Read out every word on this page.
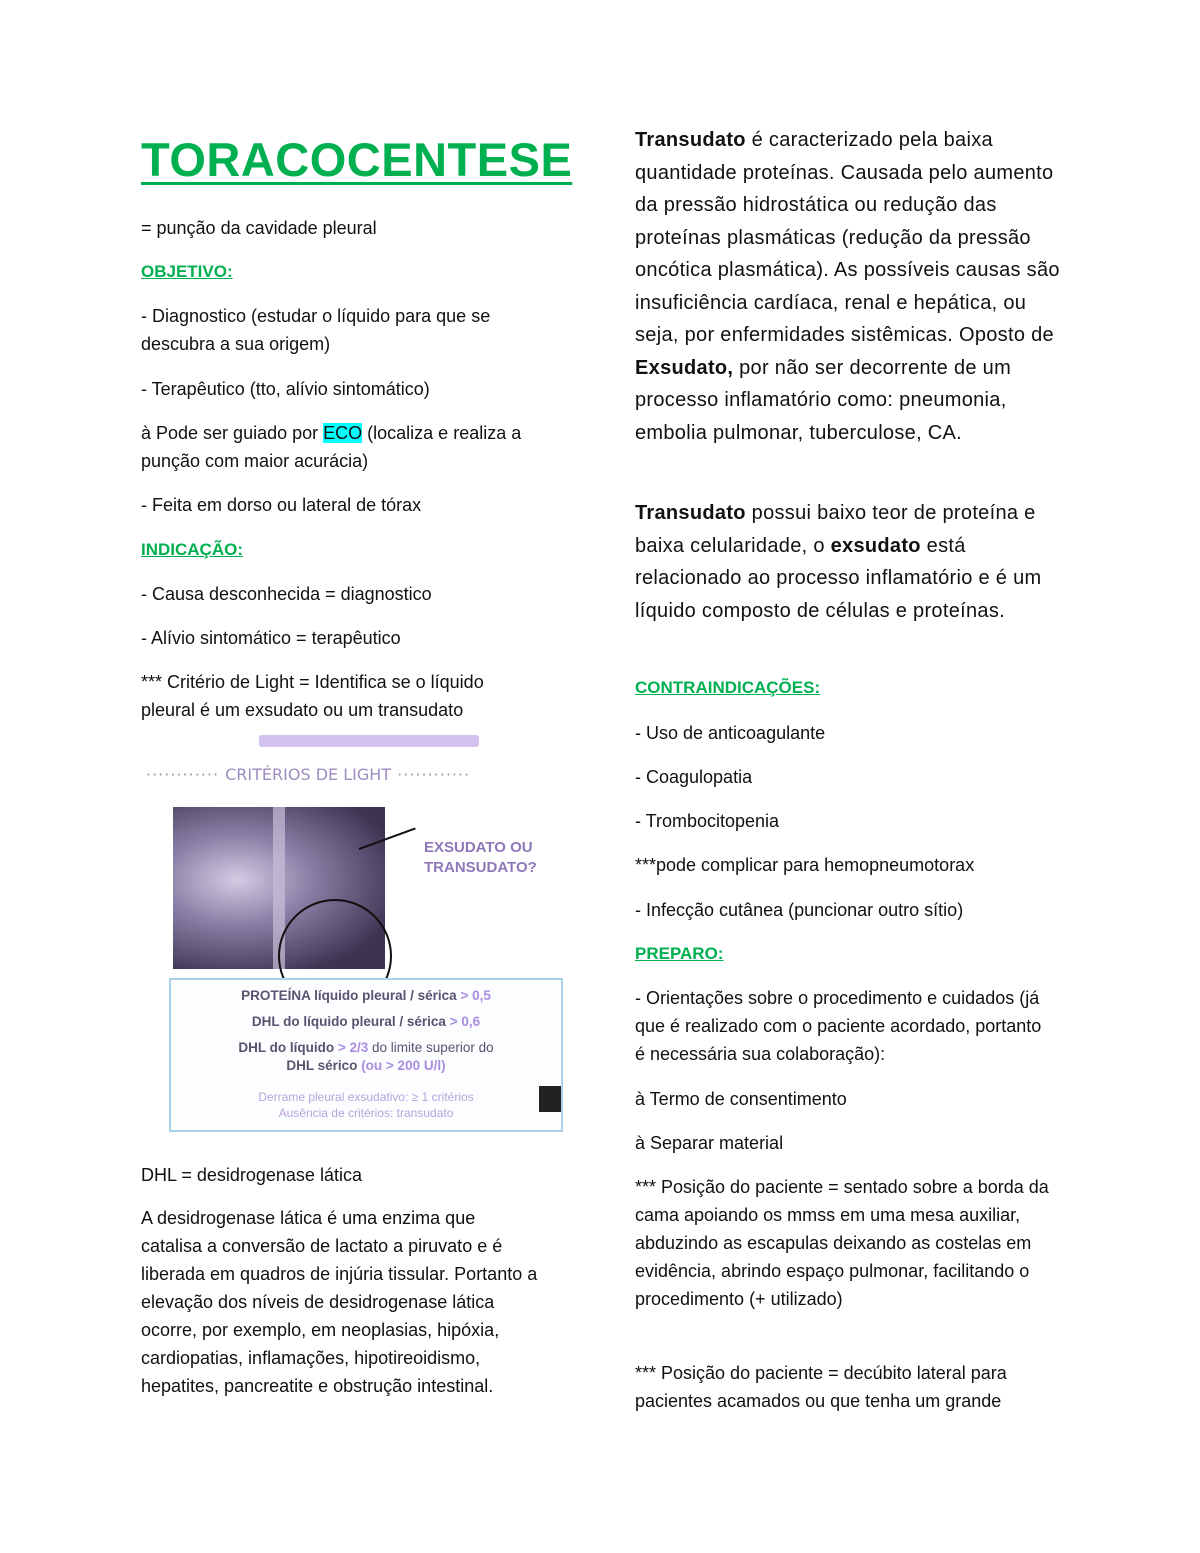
TORACOCENTESE

= punção da cavidade pleural

OBJETIVO:

- Diagnostico (estudar o líquido para que se descubra a sua origem)

- Terapêutico (tto, alívio sintomático)

à Pode ser guiado por ECO (localiza e realiza a punção com maior acurácia)

- Feita em dorso ou lateral de tórax

INDICAÇÃO:

- Causa desconhecida = diagnostico

- Alívio sintomático = terapêutico

*** Critério de Light = Identifica se o líquido pleural é um exsudato ou um transudato

············ CRITÉRIOS DE LIGHT ············
EXSUDATO OU
TRANSUDATO?
PROTEÍNA líquido pleural / sérica > 0,5
DHL do líquido pleural / sérica > 0,6
DHL do líquido > 2/3 do limite superior do
DHL sérico (ou > 200 U/l)
Derrame pleural exsudativo: ≥ 1 critérios
Ausência de critérios: transudato

DHL = desidrogenase lática

A desidrogenase lática é uma enzima que catalisa a conversão de lactato a piruvato e é liberada em quadros de injúria tissular. Portanto a elevação dos níveis de desidrogenase lática ocorre, por exemplo, em neoplasias, hipóxia, cardiopatias, inflamações, hipotireoidismo, hepatites, pancreatite e obstrução intestinal.

Transudato é caracterizado pela baixa quantidade proteínas. Causada pelo aumento da pressão hidrostática ou redução das proteínas plasmáticas (redução da pressão oncótica plasmática). As possíveis causas são insuficiência cardíaca, renal e hepática, ou seja, por enfermidades sistêmicas. Oposto de Exsudato, por não ser decorrente de um processo inflamatório como: pneumonia, embolia pulmonar, tuberculose, CA.

Transudato possui baixo teor de proteína e baixa celularidade, o exsudato está relacionado ao processo inflamatório e é um líquido composto de células e proteínas.

CONTRAINDICAÇÕES:

- Uso de anticoagulante

- Coagulopatia

- Trombocitopenia

***pode complicar para hemopneumotorax

- Infecção cutânea (puncionar outro sítio)

PREPARO:

- Orientações sobre o procedimento e cuidados (já que é realizado com o paciente acordado, portanto é necessária sua colaboração):

à Termo de consentimento

à Separar material

*** Posição do paciente = sentado sobre a borda da cama apoiando os mmss em uma mesa auxiliar, abduzindo as escapulas deixando as costelas em evidência, abrindo espaço pulmonar, facilitando o procedimento (+ utilizado)

*** Posição do paciente = decúbito lateral para pacientes acamados ou que tenha um grande
